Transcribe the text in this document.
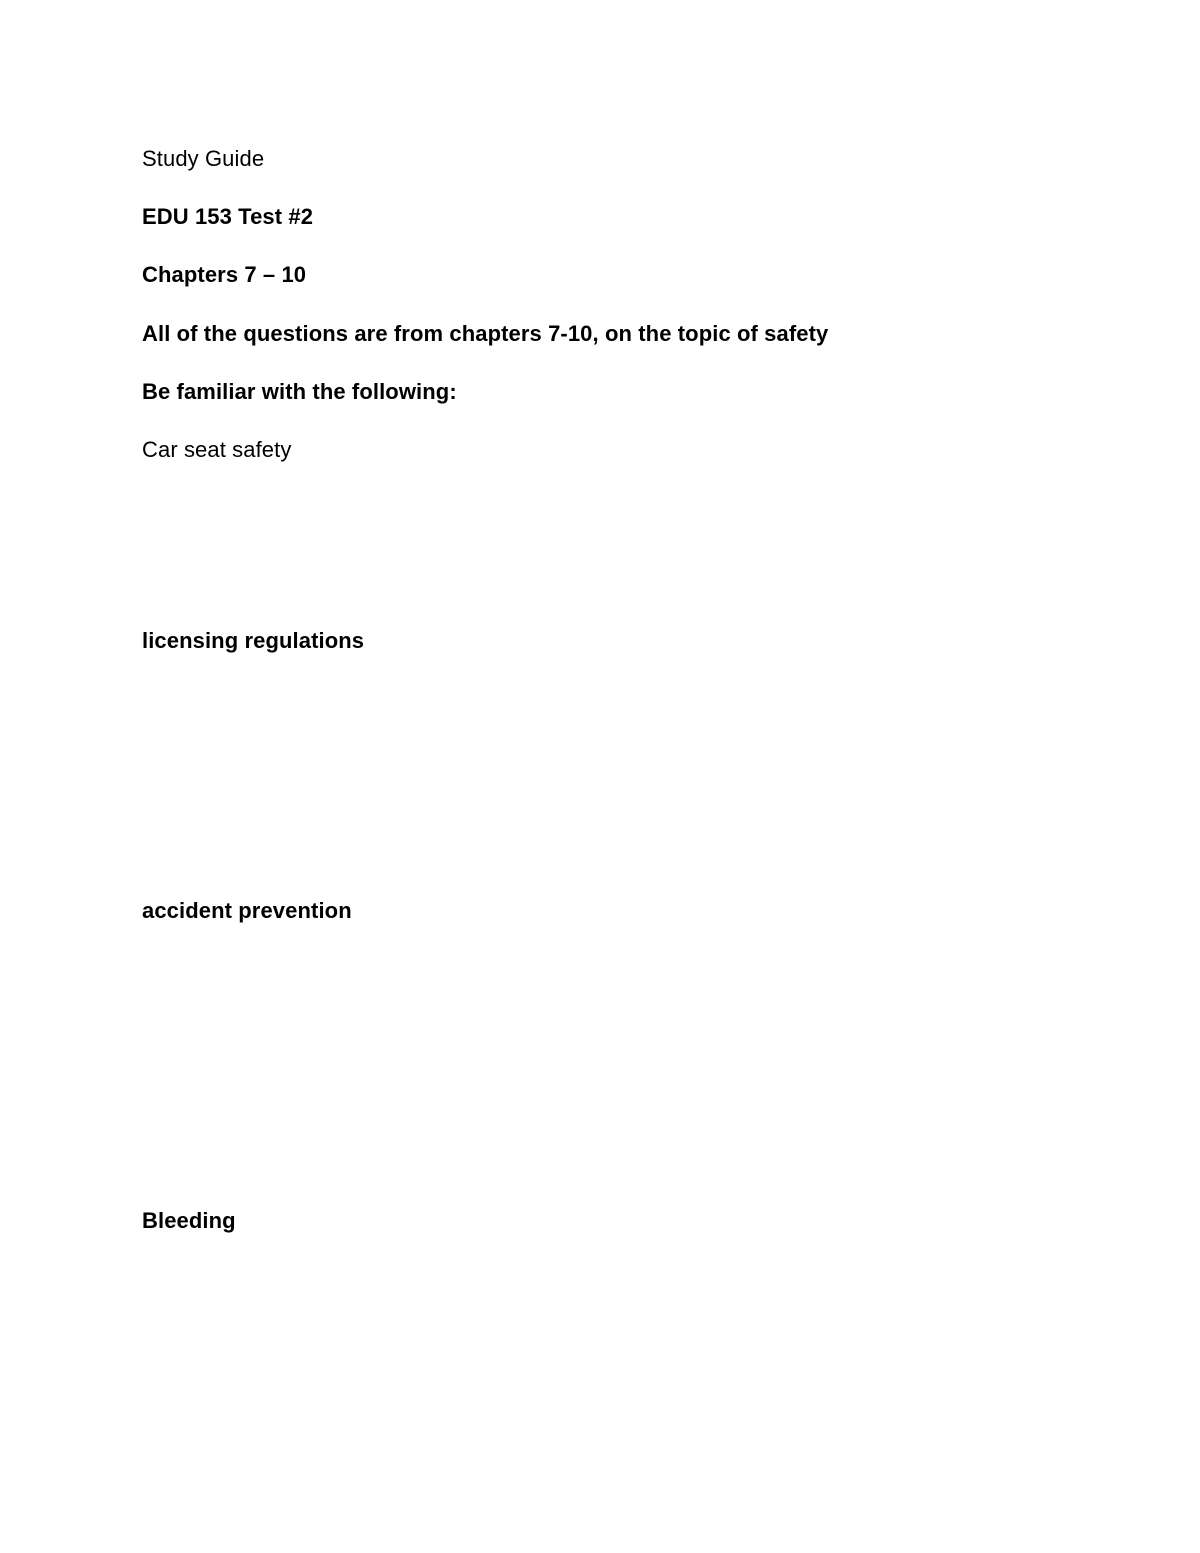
Study Guide

EDU 153 Test #2

Chapters 7 – 10

All of the questions are from chapters 7-10, on the topic of safety

Be familiar with the following:

Car seat safety

licensing regulations

accident prevention

Bleeding
